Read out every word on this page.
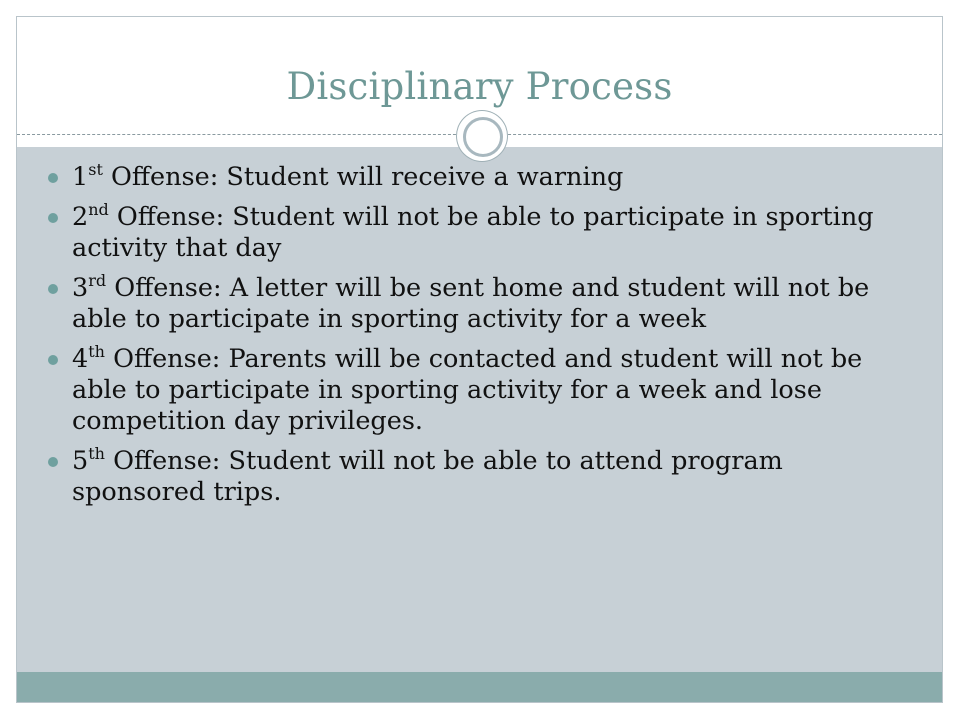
Disciplinary Process
1st Offense: Student will receive a warning
2nd Offense: Student will not be able to participate in sporting activity that day
3rd Offense: A letter will be sent home and student will not be able to participate in sporting activity for a week
4th Offense: Parents will be contacted and student will not be able to participate in sporting activity for a week and lose competition day privileges.
5th Offense: Student will not be able to attend program sponsored trips.
